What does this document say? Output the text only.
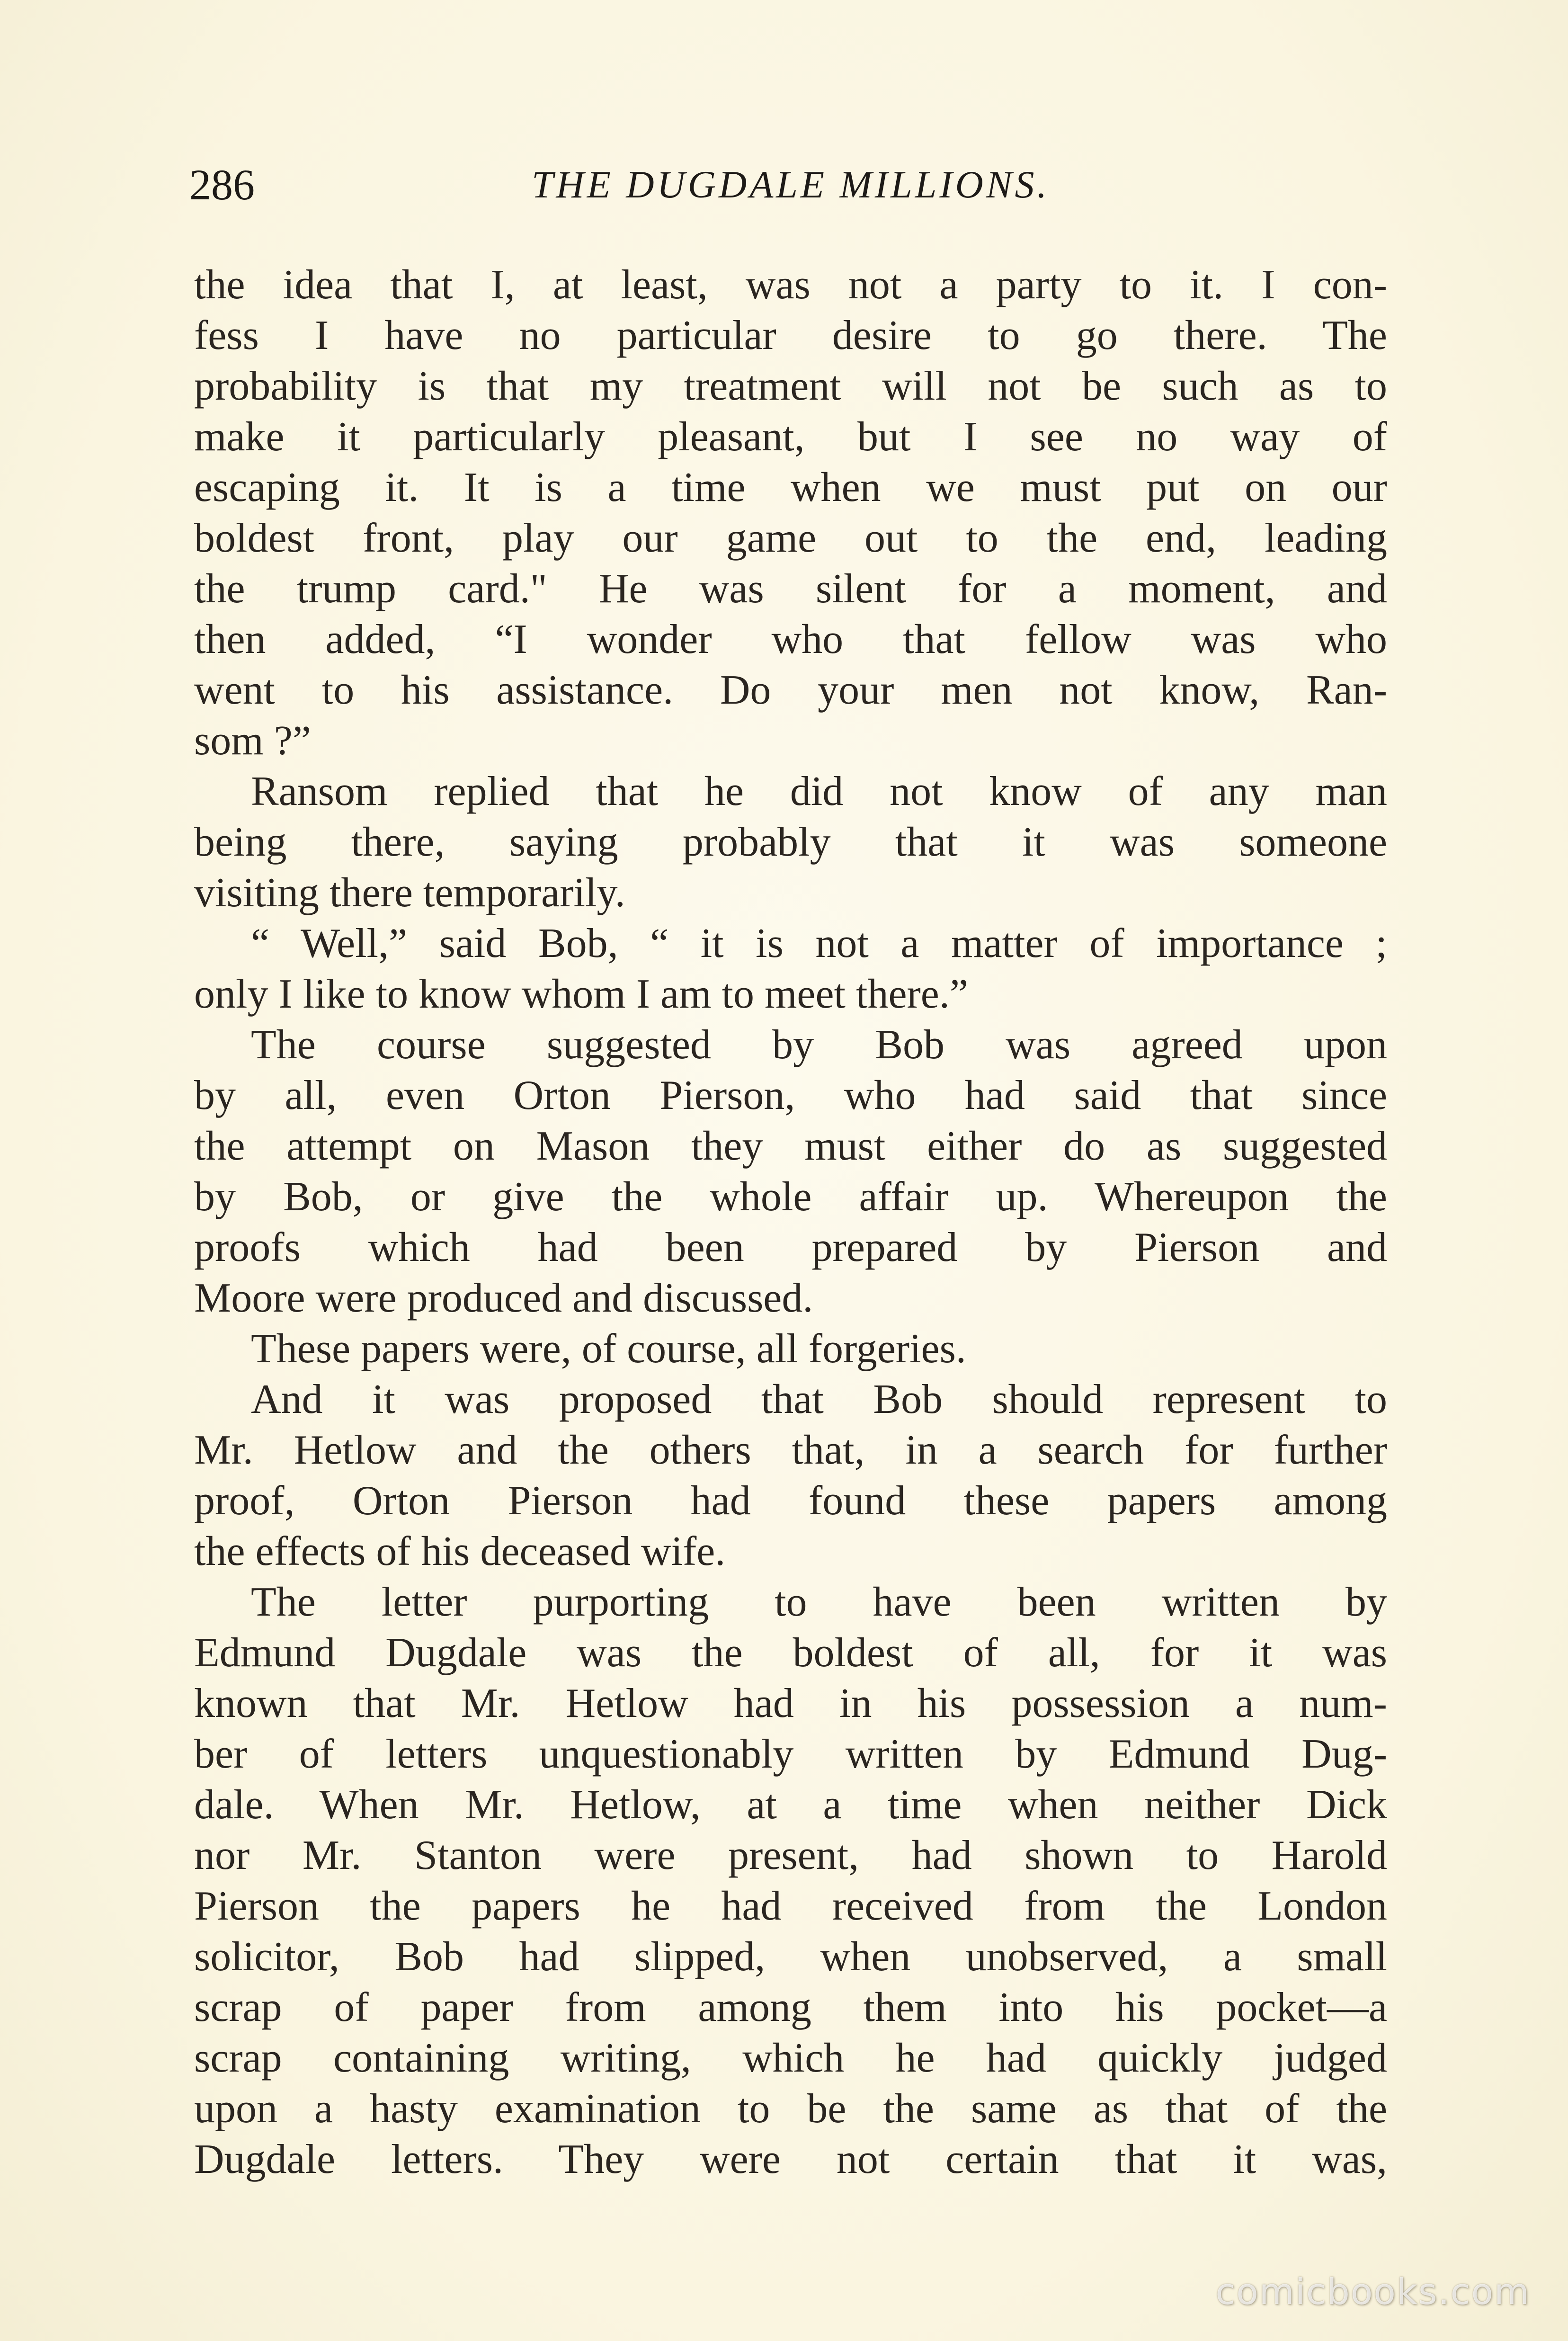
286	THE DUGDALE MILLIONS.
the idea that I, at least, was not a party to it. I con-
fess I have no particular desire to go there. The
probability is that my treatment will not be such as to
make it particularly pleasant, but I see no way of
escaping it. It is a time when we must put on our
boldest front, play our game out to the end, leading
the trump card." He was silent for a moment, and
then added, “I wonder who that fellow was who
went to his assistance. Do your men not know, Ran-
som ?”
Ransom replied that he did not know of any man
being there, saying probably that it was someone
visiting there temporarily.
“ Well,” said Bob, “ it is not a matter of importance ;
only I like to know whom I am to meet there.”
The course suggested by Bob was agreed upon
by all, even Orton Pierson, who had said that since
the attempt on Mason they must either do as suggested
by Bob, or give the whole affair up. Whereupon the
proofs which had been prepared by Pierson and
Moore were produced and discussed.
These papers were, of course, all forgeries.
And it was proposed that Bob should represent to
Mr. Hetlow and the others that, in a search for further
proof, Orton Pierson had found these papers among
the effects of his deceased wife.
The letter purporting to have been written by
Edmund Dugdale was the boldest of all, for it was
known that Mr. Hetlow had in his possession a num-
ber of letters unquestionably written by Edmund Dug-
dale. When Mr. Hetlow, at a time when neither Dick
nor Mr. Stanton were present, had shown to Harold
Pierson the papers he had received from the London
solicitor, Bob had slipped, when unobserved, a small
scrap of paper from among them into his pocket—a
scrap containing writing, which he had quickly judged
upon a hasty examination to be the same as that of the
Dugdale letters. They were not certain that it was,
comicbooks.com
